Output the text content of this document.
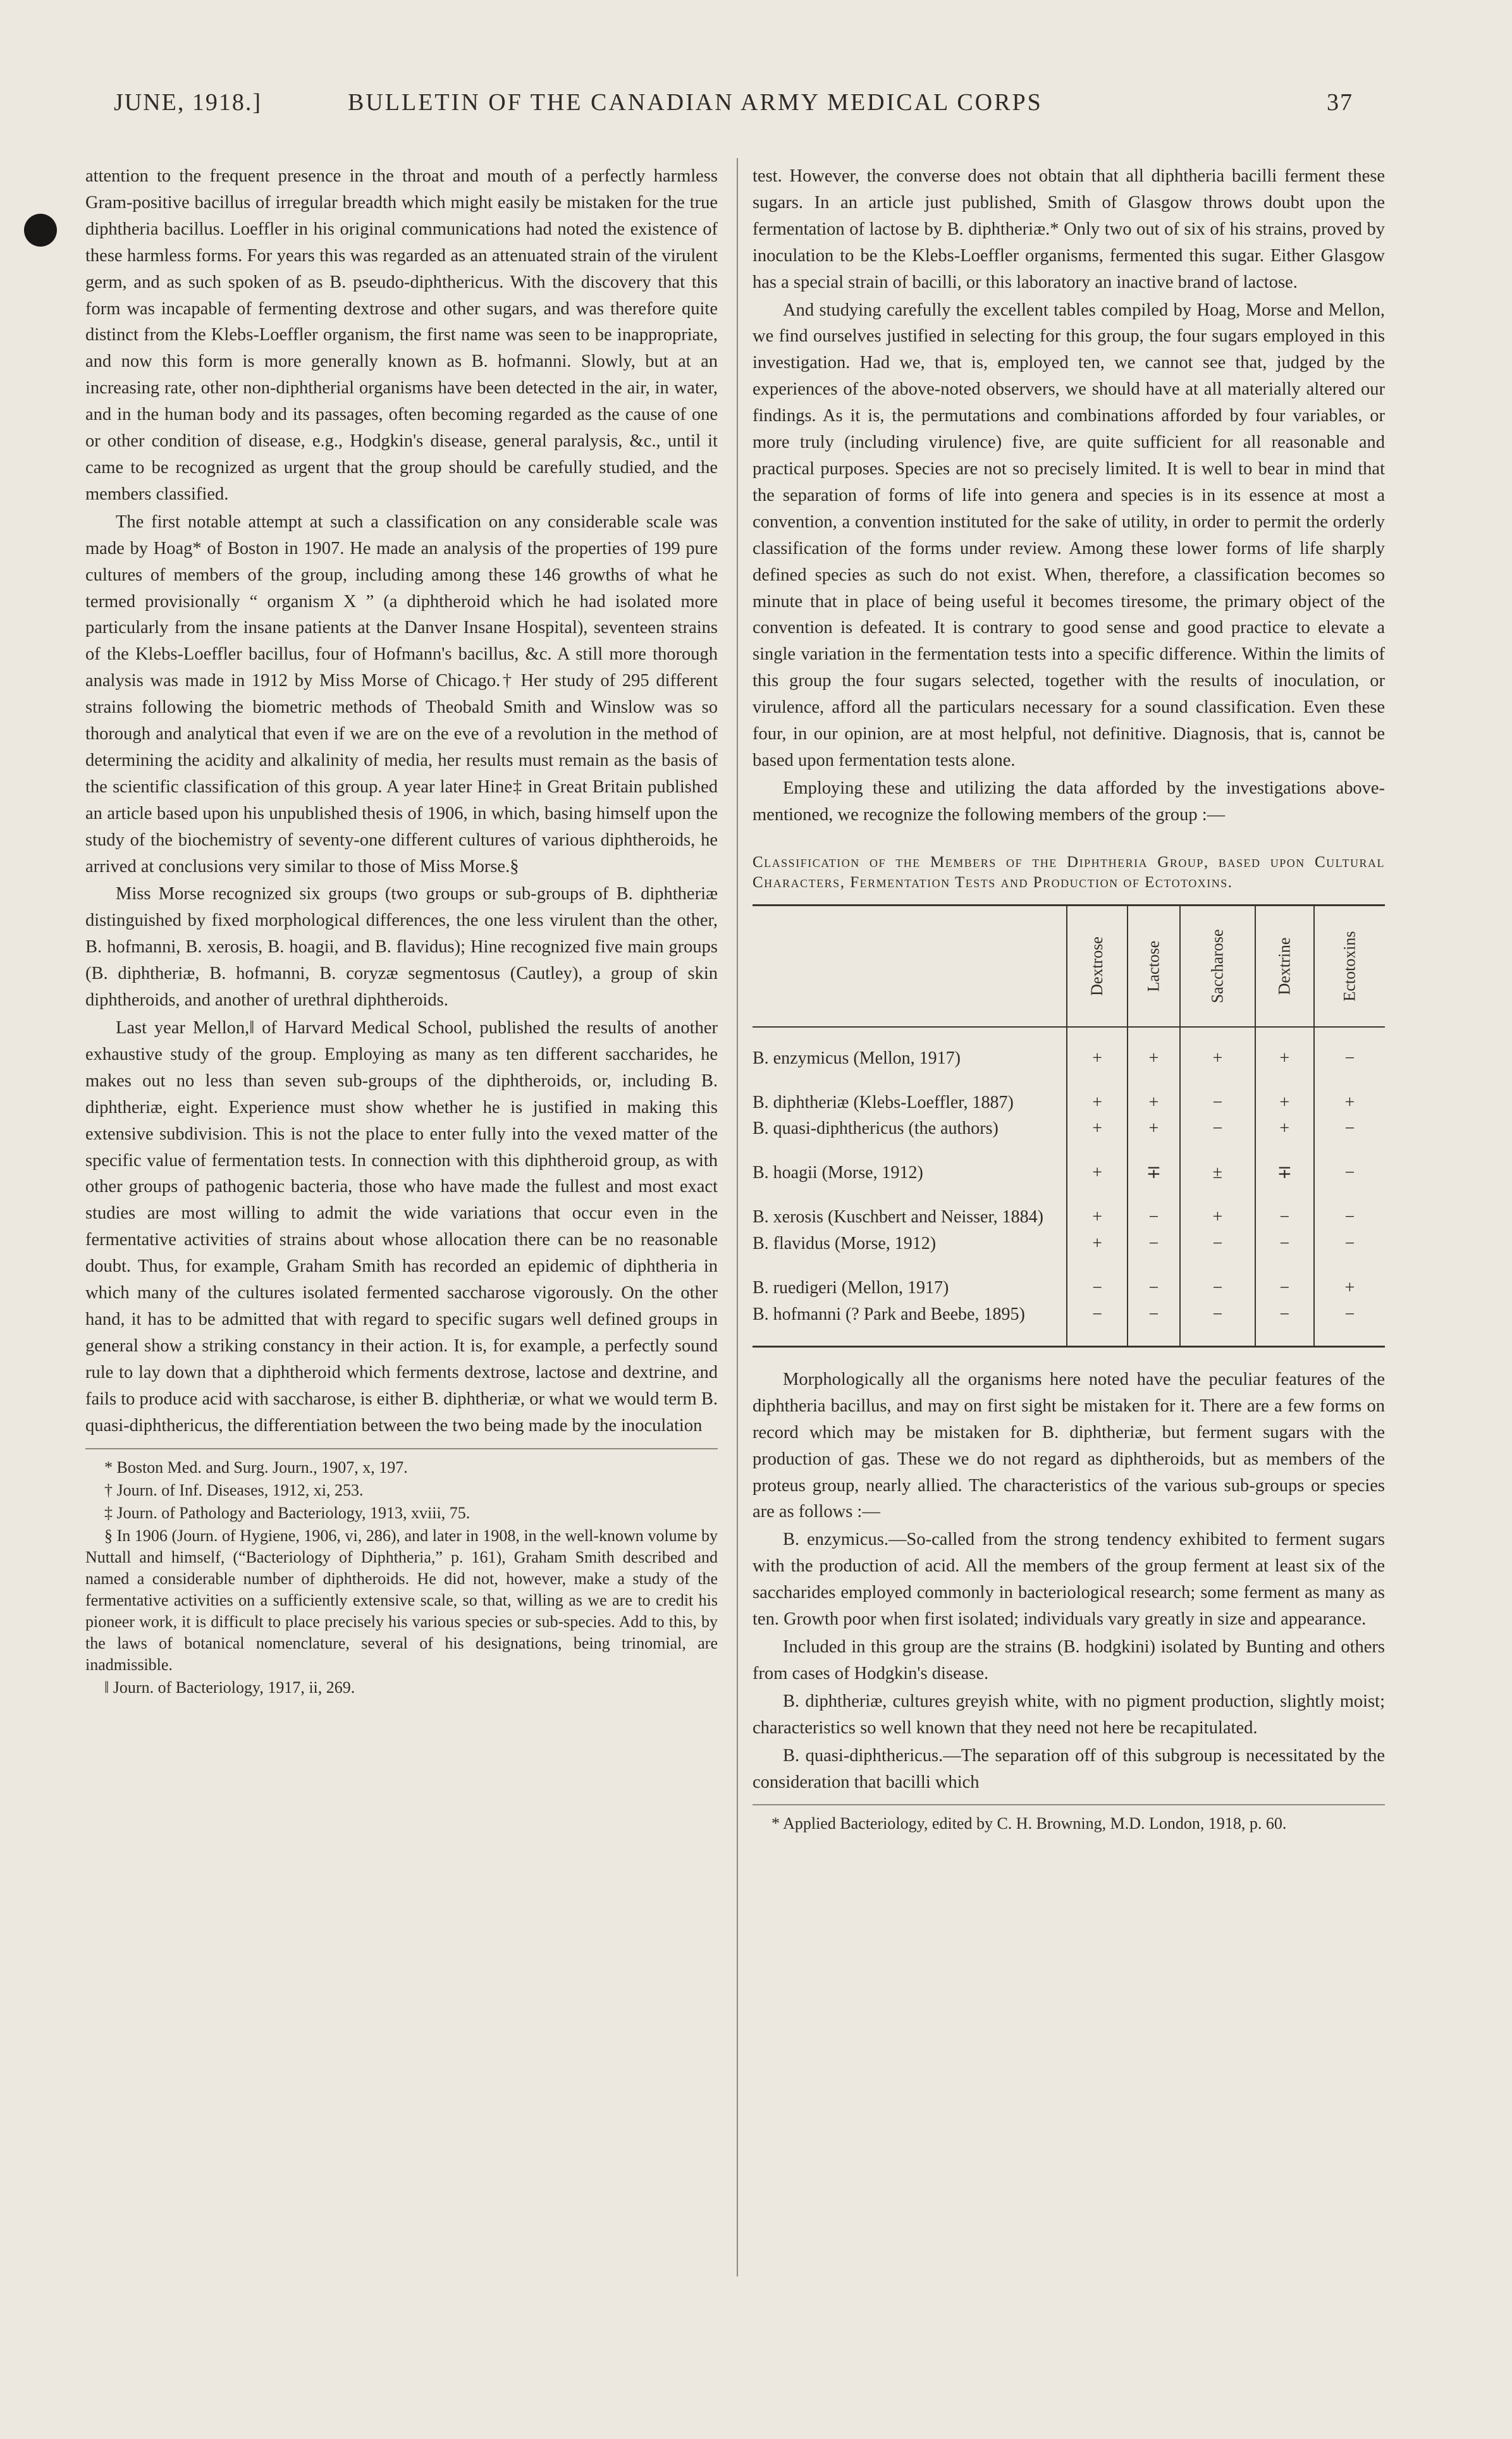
JUNE, 1918.]	BULLETIN OF THE CANADIAN ARMY MEDICAL CORPS	37

attention to the frequent presence in the throat and mouth of a perfectly harmless Gram-positive bacillus of irregular breadth which might easily be mistaken for the true diphtheria bacillus. Loeffler in his original communications had noted the existence of these harmless forms. For years this was regarded as an attenuated strain of the virulent germ, and as such spoken of as B. pseudo-diphthericus. With the discovery that this form was incapable of fermenting dextrose and other sugars, and was therefore quite distinct from the Klebs-Loeffler organism, the first name was seen to be inappropriate, and now this form is more generally known as B. hofmanni. Slowly, but at an increasing rate, other non-diphtherial organisms have been detected in the air, in water, and in the human body and its passages, often becoming regarded as the cause of one or other condition of disease, e.g., Hodgkin's disease, general paralysis, &c., until it came to be recognized as urgent that the group should be carefully studied, and the members classified.

The first notable attempt at such a classification on any considerable scale was made by Hoag* of Boston in 1907. He made an analysis of the properties of 199 pure cultures of members of the group, including among these 146 growths of what he termed provisionally “ organism X ” (a diphtheroid which he had isolated more particularly from the insane patients at the Danver Insane Hospital), seventeen strains of the Klebs-Loeffler bacillus, four of Hofmann's bacillus, &c. A still more thorough analysis was made in 1912 by Miss Morse of Chicago.† Her study of 295 different strains following the biometric methods of Theobald Smith and Winslow was so thorough and analytical that even if we are on the eve of a revolution in the method of determining the acidity and alkalinity of media, her results must remain as the basis of the scientific classification of this group. A year later Hine‡ in Great Britain published an article based upon his unpublished thesis of 1906, in which, basing himself upon the study of the biochemistry of seventy-one different cultures of various diphtheroids, he arrived at conclusions very similar to those of Miss Morse.§

Miss Morse recognized six groups (two groups or sub-groups of B. diphtheriæ distinguished by fixed morphological differences, the one less virulent than the other, B. hofmanni, B. xerosis, B. hoagii, and B. flavidus); Hine recognized five main groups (B. diphtheriæ, B. hofmanni, B. coryzæ segmentosus (Cautley), a group of skin diphtheroids, and another of urethral diphtheroids.

Last year Mellon,‖ of Harvard Medical School, published the results of another exhaustive study of the group. Employing as many as ten different saccharides, he makes out no less than seven sub-groups of the diphtheroids, or, including B. diphtheriæ, eight. Experience must show whether he is justified in making this extensive subdivision. This is not the place to enter fully into the vexed matter of the specific value of fermentation tests. In connection with this diphtheroid group, as with other groups of pathogenic bacteria, those who have made the fullest and most exact studies are most willing to admit the wide variations that occur even in the fermentative activities of strains about whose allocation there can be no reasonable doubt. Thus, for example, Graham Smith has recorded an epidemic of diphtheria in which many of the cultures isolated fermented saccharose vigorously. On the other hand, it has to be admitted that with regard to specific sugars well defined groups in general show a striking constancy in their action. It is, for example, a perfectly sound rule to lay down that a diphtheroid which ferments dextrose, lactose and dextrine, and fails to produce acid with saccharose, is either B. diphtheriæ, or what we would term B. quasi-diphthericus, the differentiation between the two being made by the inoculation

* Boston Med. and Surg. Journ., 1907, x, 197.

† Journ. of Inf. Diseases, 1912, xi, 253.

‡ Journ. of Pathology and Bacteriology, 1913, xviii, 75.

§ In 1906 (Journ. of Hygiene, 1906, vi, 286), and later in 1908, in the well-known volume by Nuttall and himself, (“Bacteriology of Diphtheria,” p. 161), Graham Smith described and named a considerable number of diphtheroids. He did not, however, make a study of the fermentative activities on a sufficiently extensive scale, so that, willing as we are to credit his pioneer work, it is difficult to place precisely his various species or sub-species. Add to this, by the laws of botanical nomenclature, several of his designations, being trinomial, are inadmissible.

‖ Journ. of Bacteriology, 1917, ii, 269.

test. However, the converse does not obtain that all diphtheria bacilli ferment these sugars. In an article just published, Smith of Glasgow throws doubt upon the fermentation of lactose by B. diphtheriæ.* Only two out of six of his strains, proved by inoculation to be the Klebs-Loeffler organisms, fermented this sugar. Either Glasgow has a special strain of bacilli, or this laboratory an inactive brand of lactose.

And studying carefully the excellent tables compiled by Hoag, Morse and Mellon, we find ourselves justified in selecting for this group, the four sugars employed in this investigation. Had we, that is, employed ten, we cannot see that, judged by the experiences of the above-noted observers, we should have at all materially altered our findings. As it is, the permutations and combinations afforded by four variables, or more truly (including virulence) five, are quite sufficient for all reasonable and practical purposes. Species are not so precisely limited. It is well to bear in mind that the separation of forms of life into genera and species is in its essence at most a convention, a convention instituted for the sake of utility, in order to permit the orderly classification of the forms under review. Among these lower forms of life sharply defined species as such do not exist. When, therefore, a classification becomes so minute that in place of being useful it becomes tiresome, the primary object of the convention is defeated. It is contrary to good sense and good practice to elevate a single variation in the fermentation tests into a specific difference. Within the limits of this group the four sugars selected, together with the results of inoculation, or virulence, afford all the particulars necessary for a sound classification. Even these four, in our opinion, are at most helpful, not definitive. Diagnosis, that is, cannot be based upon fermentation tests alone.

Employing these and utilizing the data afforded by the investigations above-mentioned, we recognize the following members of the group :—

Classification of the Members of the Diphtheria Group, based upon Cultural Characters, Fermentation Tests and Production of Ectotoxins.
	Dextrose	Lactose	Saccharose	Dextrine	Ectotoxins

B. enzymicus (Mellon, 1917)	+	+	+	+	−

B. diphtheriæ (Klebs-Loeffler, 1887)	+	+	−	+	+
B. quasi-diphthericus (the authors)	+	+	−	+	−

B. hoagii (Morse, 1912)	+	∓	±	∓	−

B. xerosis (Kuschbert and Neisser, 1884)	+	−	+	−	−
B. flavidus (Morse, 1912)	+	−	−	−	−

B. ruedigeri (Mellon, 1917)	−	−	−	−	+
B. hofmanni (? Park and Beebe, 1895)	−	−	−	−	−

Morphologically all the organisms here noted have the peculiar features of the diphtheria bacillus, and may on first sight be mistaken for it. There are a few forms on record which may be mistaken for B. diphtheriæ, but ferment sugars with the production of gas. These we do not regard as diphtheroids, but as members of the proteus group, nearly allied. The characteristics of the various sub-groups or species are as follows :—

B. enzymicus.—So-called from the strong tendency exhibited to ferment sugars with the production of acid. All the members of the group ferment at least six of the saccharides employed commonly in bacteriological research; some ferment as many as ten. Growth poor when first isolated; individuals vary greatly in size and appearance.

Included in this group are the strains (B. hodgkini) isolated by Bunting and others from cases of Hodgkin's disease.

B. diphtheriæ, cultures greyish white, with no pigment production, slightly moist; characteristics so well known that they need not here be recapitulated.

B. quasi-diphthericus.—The separation off of this subgroup is necessitated by the consideration that bacilli which

* Applied Bacteriology, edited by C. H. Browning, M.D. London, 1918, p. 60.
